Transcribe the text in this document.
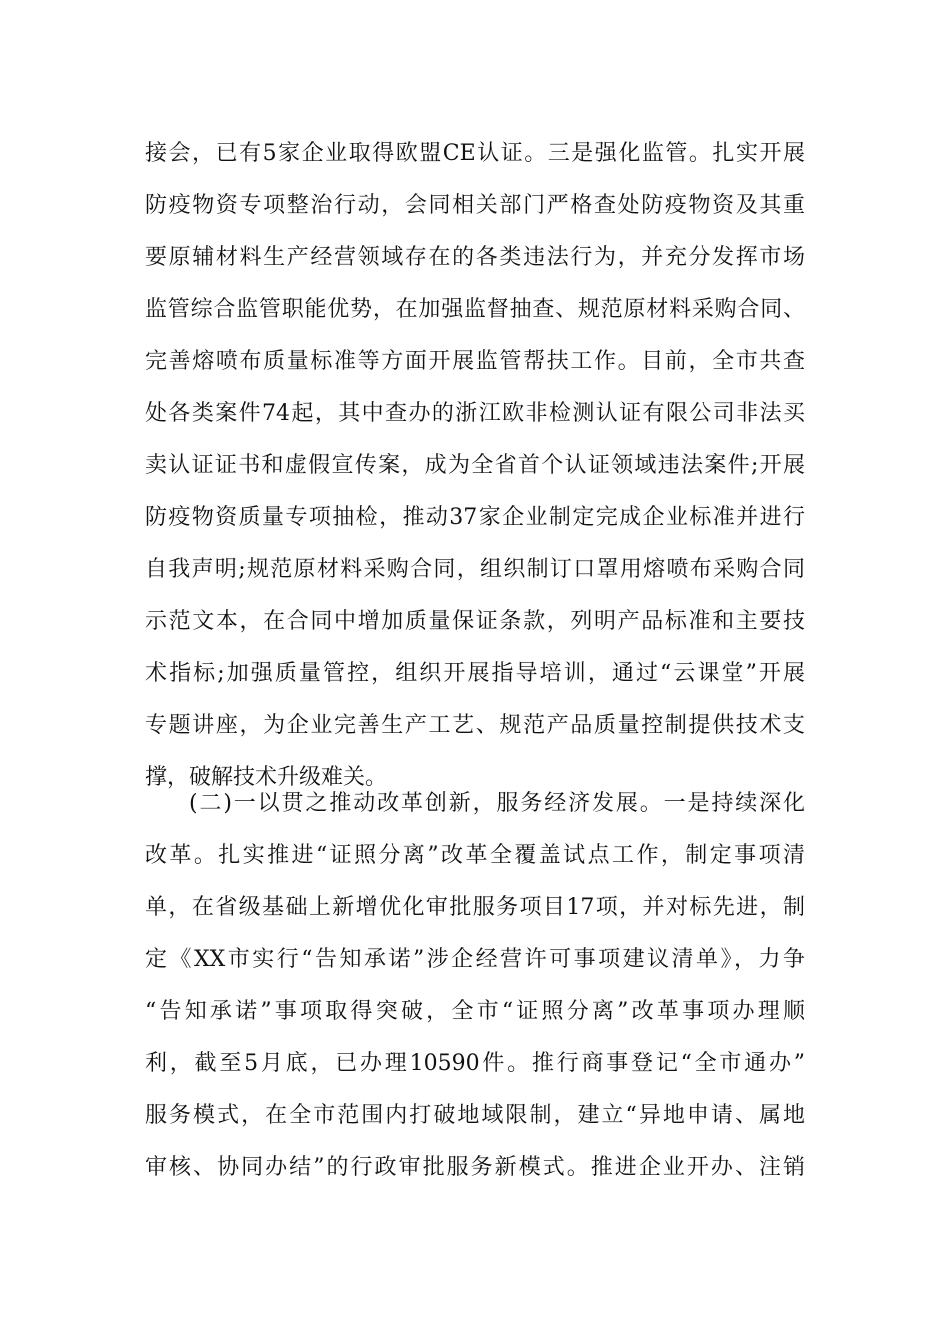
接会，已有5家企业取得欧盟CE认证。三是强化监管。扎实开展
防疫物资专项整治行动，会同相关部门严格查处防疫物资及其重
要原辅材料生产经营领域存在的各类违法行为，并充分发挥市场
监管综合监管职能优势，在加强监督抽查、规范原材料采购合同、
完善熔喷布质量标准等方面开展监管帮扶工作。目前，全市共查
处各类案件74起，其中查办的浙江欧非检测认证有限公司非法买
卖认证证书和虚假宣传案，成为全省首个认证领域违法案件;开展
防疫物资质量专项抽检，推动37家企业制定完成企业标准并进行
自我声明;规范原材料采购合同，组织制订口罩用熔喷布采购合同
示范文本，在合同中增加质量保证条款，列明产品标准和主要技
术指标;加强质量管控，组织开展指导培训，通过“云课堂”开展
专题讲座，为企业完善生产工艺、规范产品质量控制提供技术支
撑，破解技术升级难关。
(二)一以贯之推动改革创新，服务经济发展。一是持续深化
改革。扎实推进“证照分离”改革全覆盖试点工作，制定事项清
单，在省级基础上新增优化审批服务项目17项，并对标先进，制
定《XX市实行“告知承诺”涉企经营许可事项建议清单》，力争
“告知承诺”事项取得突破，全市“证照分离”改革事项办理顺
利，截至5月底，已办理10590件。推行商事登记“全市通办”
服务模式，在全市范围内打破地域限制，建立“异地申请、属地
审核、协同办结”的行政审批服务新模式。推进企业开办、注销
